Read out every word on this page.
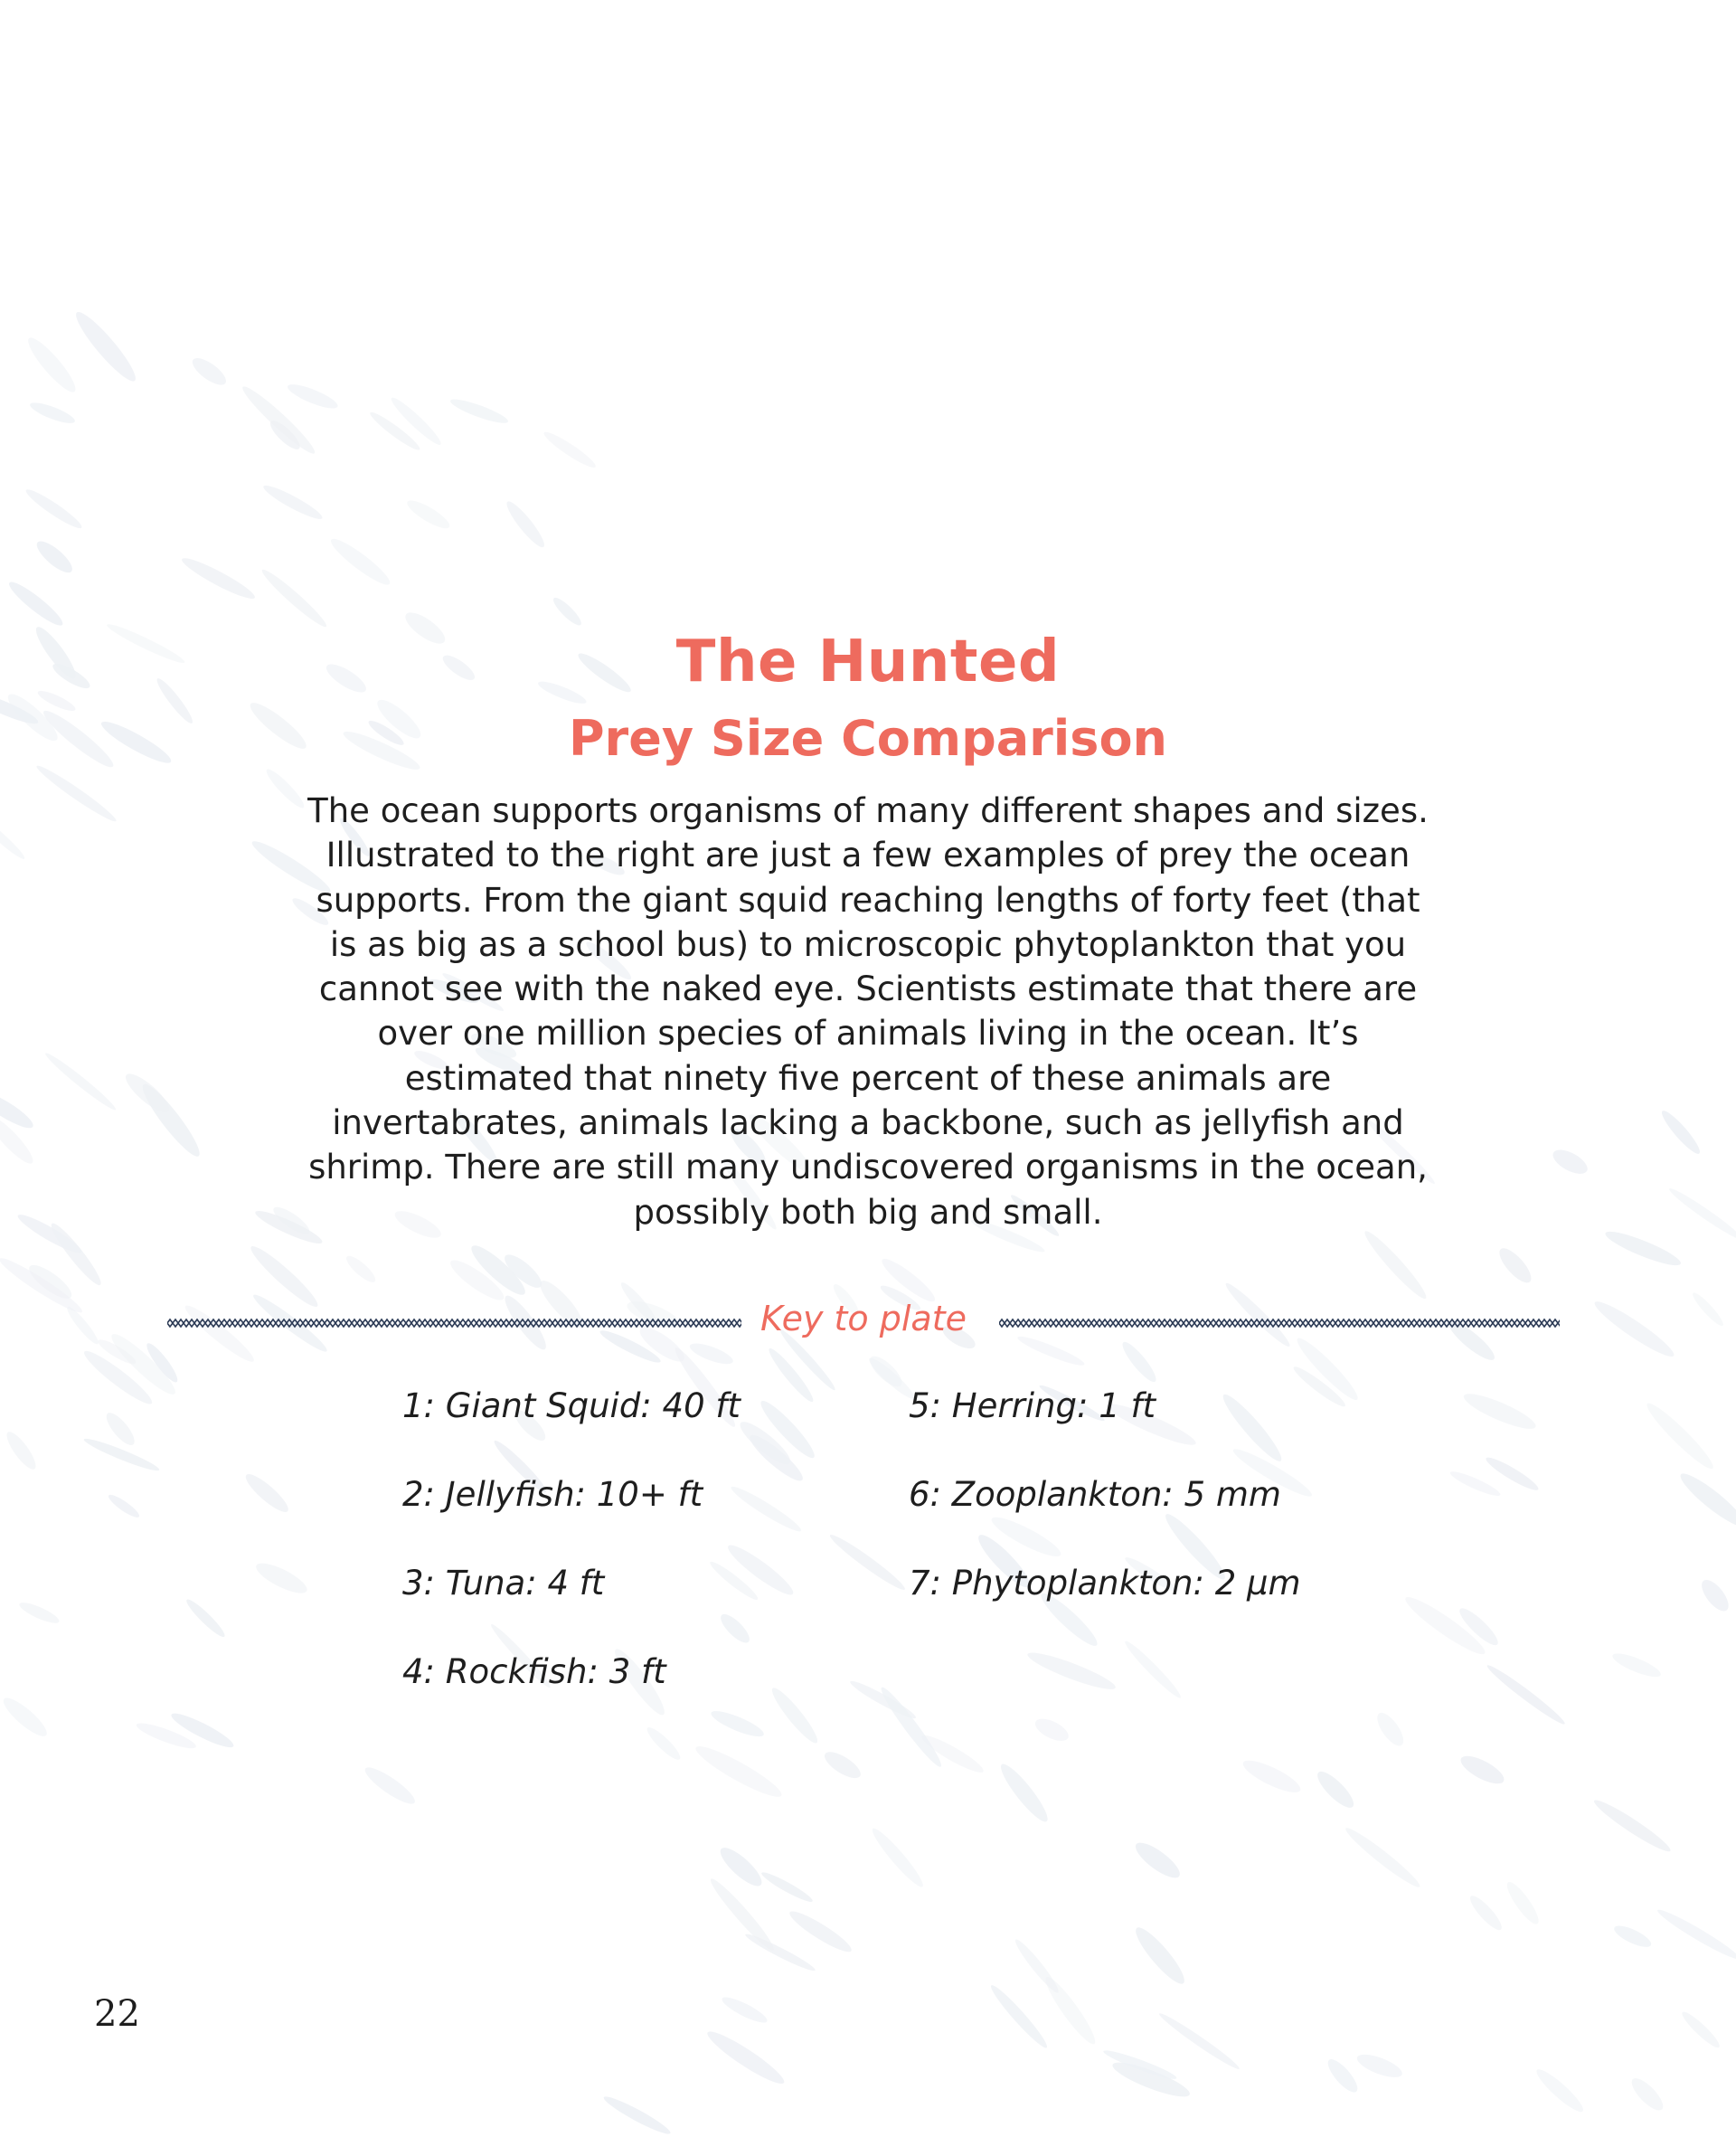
The Hunted
Prey Size Comparison

The ocean supports organisms of many different shapes and sizes. Illustrated to the right are just a few examples of prey the ocean supports. From the giant squid reaching lengths of forty feet (that is as big as a school bus) to microscopic phytoplankton that you cannot see with the naked eye. Scientists estimate that there are over one million species of animals living in the ocean. It’s estimated that ninety five percent of these animals are invertabrates, animals lacking a backbone, such as jellyfish and shrimp. There are still many undiscovered organisms in the ocean, possibly both big and small.

Key to plate
1: Giant Squid: 40 ft
2: Jellyfish: 10+ ft
3: Tuna: 4 ft
4: Rockfish: 3 ft
5: Herring: 1 ft
6: Zooplankton: 5 mm
7: Phytoplankton: 2 µm
22
